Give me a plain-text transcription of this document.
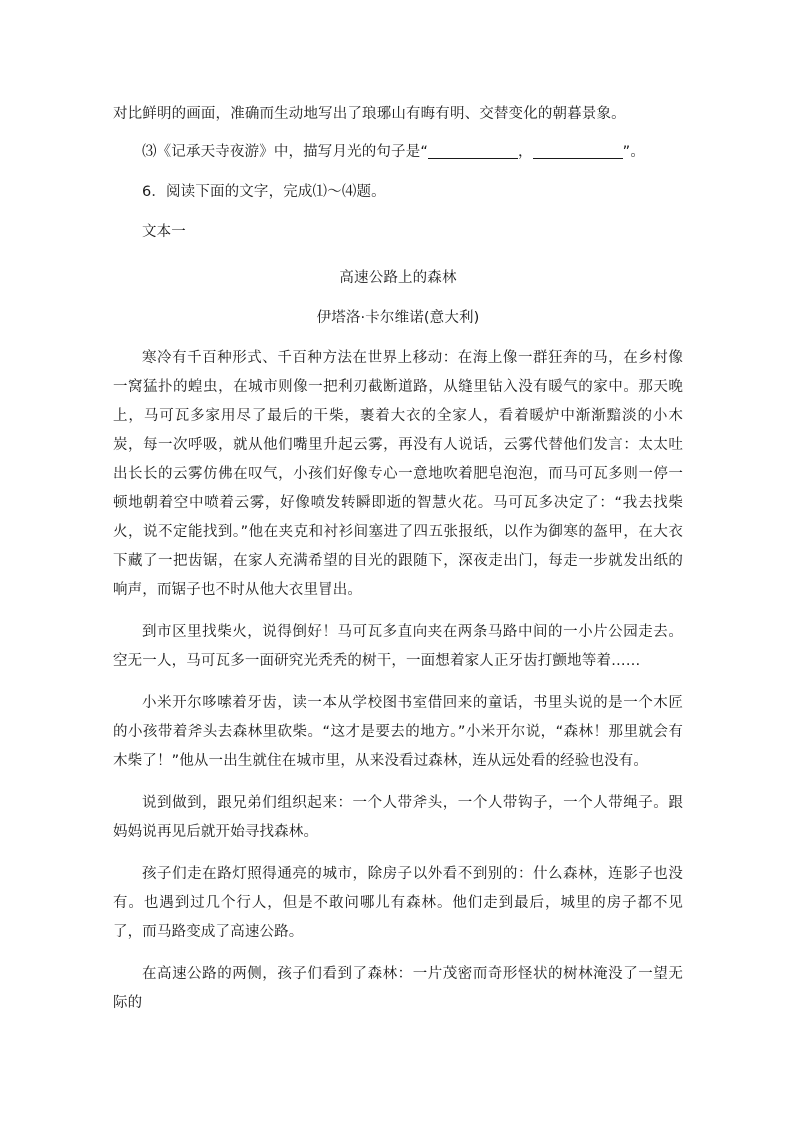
对比鲜明的画面，准确而生动地写出了琅琊山有晦有明、交替变化的朝暮景象。

⑶《记承天寺夜游》中，描写月光的句子是“	，	”。

6．阅读下面的文字，完成⑴～⑷题。

文本一

高速公路上的森林

伊塔洛·卡尔维诺(意大利)

寒冷有千百种形式、千百种方法在世界上移动：在海上像一群狂奔的马，在乡村像一窝猛扑的蝗虫，在城市则像一把利刃截断道路，从缝里钻入没有暖气的家中。那天晚上，马可瓦多家用尽了最后的干柴，裹着大衣的全家人，看着暖炉中渐渐黯淡的小木炭，每一次呼吸，就从他们嘴里升起云雾，再没有人说话，云雾代替他们发言：太太吐出长长的云雾仿佛在叹气，小孩们好像专心一意地吹着肥皂泡泡，而马可瓦多则一停一顿地朝着空中喷着云雾，好像喷发转瞬即逝的智慧火花。马可瓦多决定了：“我去找柴火，说不定能找到。”他在夹克和衬衫间塞进了四五张报纸，以作为御寒的盔甲，在大衣下藏了一把齿锯，在家人充满希望的目光的跟随下，深夜走出门，每走一步就发出纸的响声，而锯子也不时从他大衣里冒出。

到市区里找柴火，说得倒好！马可瓦多直向夹在两条马路中间的一小片公园走去。空无一人，马可瓦多一面研究光秃秃的树干，一面想着家人正牙齿打颤地等着……

小米开尔哆嗦着牙齿，读一本从学校图书室借回来的童话，书里头说的是一个木匠的小孩带着斧头去森林里砍柴。“这才是要去的地方。”小米开尔说，“森林！那里就会有木柴了！”他从一出生就住在城市里，从来没看过森林，连从远处看的经验也没有。

说到做到，跟兄弟们组织起来：一个人带斧头，一个人带钩子，一个人带绳子。跟妈妈说再见后就开始寻找森林。

孩子们走在路灯照得通亮的城市，除房子以外看不到别的：什么森林，连影子也没有。也遇到过几个行人，但是不敢问哪儿有森林。他们走到最后，城里的房子都不见了，而马路变成了高速公路。

在高速公路的两侧，孩子们看到了森林：一片茂密而奇形怪状的树林淹没了一望无际的
